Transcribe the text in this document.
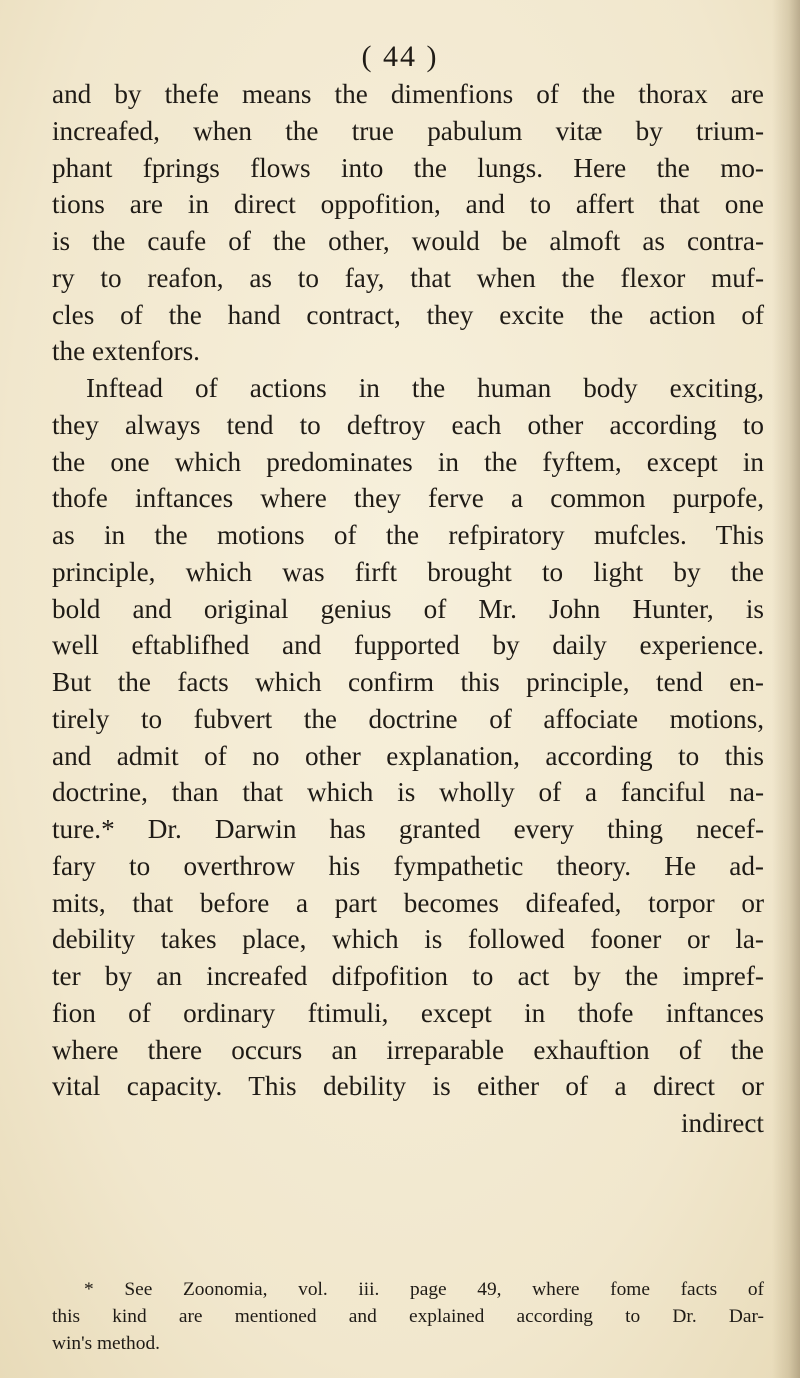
( 44 )
and by thefe means the dimenfions of the thorax are
increafed, when the true pabulum vitæ by trium-
phant fprings flows into the lungs. Here the mo-
tions are in direct oppofition, and to affert that one
is the caufe of the other, would be almoft as contra-
ry to reafon, as to fay, that when the flexor muf-
cles of the hand contract, they excite the action of
the extenfors.
Inftead of actions in the human body exciting,
they always tend to deftroy each other according to
the one which predominates in the fyftem, except in
thofe inftances where they ferve a common purpofe,
as in the motions of the refpiratory mufcles. This
principle, which was firft brought to light by the
bold and original genius of Mr. John Hunter, is
well eftablifhed and fupported by daily experience.
But the facts which confirm this principle, tend en-
tirely to fubvert the doctrine of affociate motions,
and admit of no other explanation, according to this
doctrine, than that which is wholly of a fanciful na-
ture.* Dr. Darwin has granted every thing necef-
fary to overthrow his fympathetic theory. He ad-
mits, that before a part becomes difeafed, torpor or
debility takes place, which is followed fooner or la-
ter by an increafed difpofition to act by the impref-
fion of ordinary ftimuli, except in thofe inftances
where there occurs an irreparable exhauftion of the
vital capacity. This debility is either of a direct or
indirect
* See Zoonomia, vol. iii. page 49, where fome facts of
this kind are mentioned and explained according to Dr. Dar-
win's method.
